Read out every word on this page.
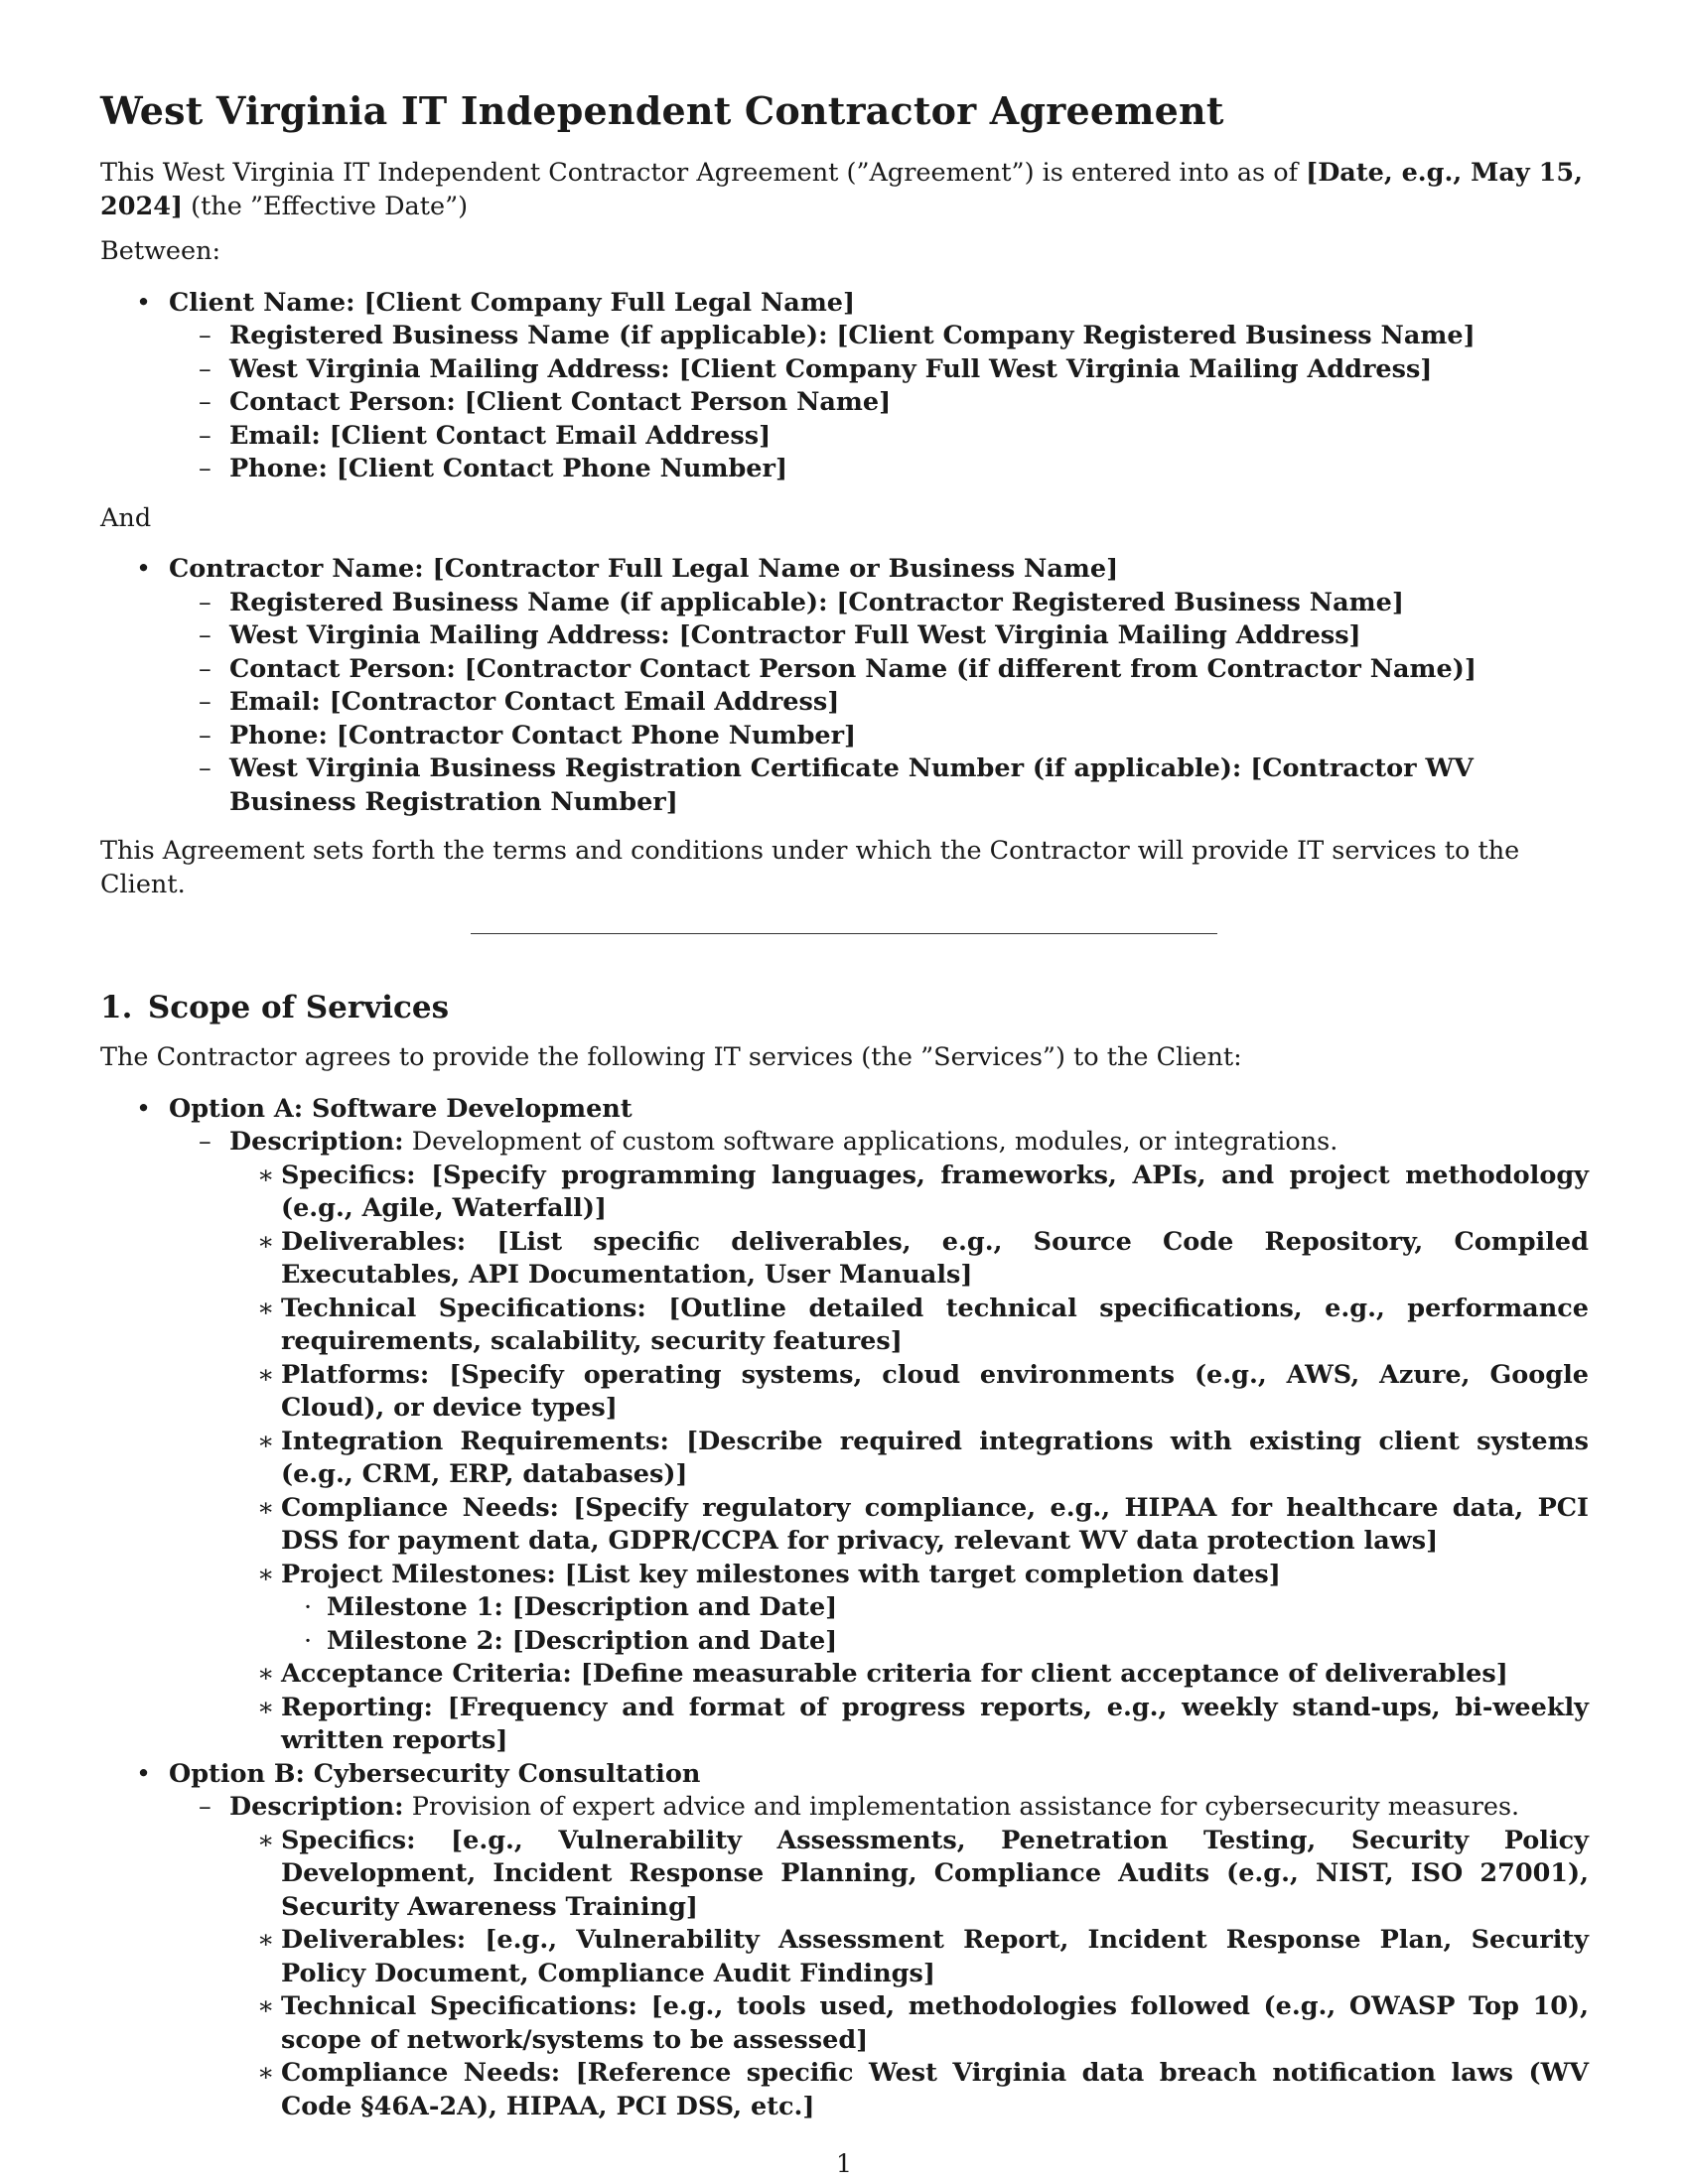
West Virginia IT Independent Contractor Agreement

This West Virginia IT Independent Contractor Agreement (”Agreement”) is entered into as of [Date, e.g., May 15, 2024] (the ”Effective Date”)

Between:

• Client Name: [Client Company Full Legal Name]
– Registered Business Name (if applicable): [Client Company Registered Business Name]
– West Virginia Mailing Address: [Client Company Full West Virginia Mailing Address]
– Contact Person: [Client Contact Person Name]
– Email: [Client Contact Email Address]
– Phone: [Client Contact Phone Number]

And

• Contractor Name: [Contractor Full Legal Name or Business Name]
– Registered Business Name (if applicable): [Contractor Registered Business Name]
– West Virginia Mailing Address: [Contractor Full West Virginia Mailing Address]
– Contact Person: [Contractor Contact Person Name (if different from Contractor Name)]
– Email: [Contractor Contact Email Address]
– Phone: [Contractor Contact Phone Number]
– West Virginia Business Registration Certificate Number (if applicable): [Contractor WV Business Registration Number]

This Agreement sets forth the terms and conditions under which the Contractor will provide IT services to the Client.

1. Scope of Services

The Contractor agrees to provide the following IT services (the ”Services”) to the Client:

• Option A: Software Development
– Description: Development of custom software applications, modules, or integrations.
∗ Specifics: [Specify programming languages, frameworks, APIs, and project methodology (e.g., Agile, Waterfall)]
∗ Deliverables: [List specific deliverables, e.g., Source Code Repository, Compiled Executables, API Documentation, User Manuals]
∗ Technical Specifications: [Outline detailed technical specifications, e.g., performance requirements, scalability, security features]
∗ Platforms: [Specify operating systems, cloud environments (e.g., AWS, Azure, Google Cloud), or device types]
∗ Integration Requirements: [Describe required integrations with existing client systems (e.g., CRM, ERP, databases)]
∗ Compliance Needs: [Specify regulatory compliance, e.g., HIPAA for healthcare data, PCI DSS for payment data, GDPR/CCPA for privacy, relevant WV data protection laws]
∗ Project Milestones: [List key milestones with target completion dates]
· Milestone 1: [Description and Date]
· Milestone 2: [Description and Date]
∗ Acceptance Criteria: [Define measurable criteria for client acceptance of deliverables]
∗ Reporting: [Frequency and format of progress reports, e.g., weekly stand-ups, bi-weekly written reports]
• Option B: Cybersecurity Consultation
– Description: Provision of expert advice and implementation assistance for cybersecurity measures.
∗ Specifics: [e.g., Vulnerability Assessments, Penetration Testing, Security Policy Development, Incident Response Planning, Compliance Audits (e.g., NIST, ISO 27001), Security Awareness Training]
∗ Deliverables: [e.g., Vulnerability Assessment Report, Incident Response Plan, Security Policy Document, Compliance Audit Findings]
∗ Technical Specifications: [e.g., tools used, methodologies followed (e.g., OWASP Top 10), scope of network/systems to be assessed]
∗ Compliance Needs: [Reference specific West Virginia data breach notification laws (WV Code §46A-2A), HIPAA, PCI DSS, etc.]
1
